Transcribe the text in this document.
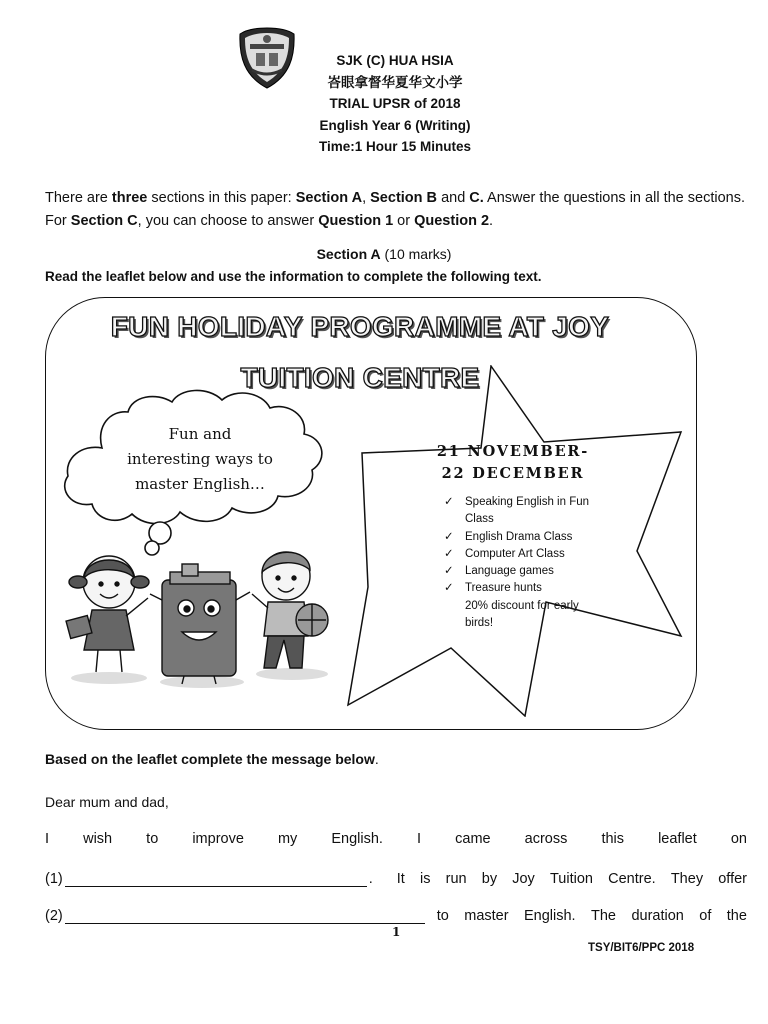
SJK (C) HUA HSIA
峇眼拿督华夏华文小学
TRIAL UPSR of 2018
English Year 6 (Writing)
Time:1 Hour 15 Minutes
There are three sections in this paper: Section A, Section B and C. Answer the questions in all the sections. For Section C, you can choose to answer Question 1 or Question 2.
Section A (10 marks)
Read the leaflet below and use the information to complete the following text.
FUN HOLIDAY PROGRAMME AT JOY
TUITION CENTRE
Fun and
interesting ways to
master English…
21 NOVEMBER-
22 DECEMBER
✓ Speaking English in Fun Class
✓ English Drama Class
✓ Computer Art Class
✓ Language games
✓ Treasure hunts
20% discount for early birds!
Based on the leaflet complete the message below.
Dear mum and dad,
I wish to improve my English. I came across this leaflet on
(1)	. It is run by Joy Tuition Centre. They offer
(2)	to master English. The duration of the
1
TSY/BIT6/PPC 2018
